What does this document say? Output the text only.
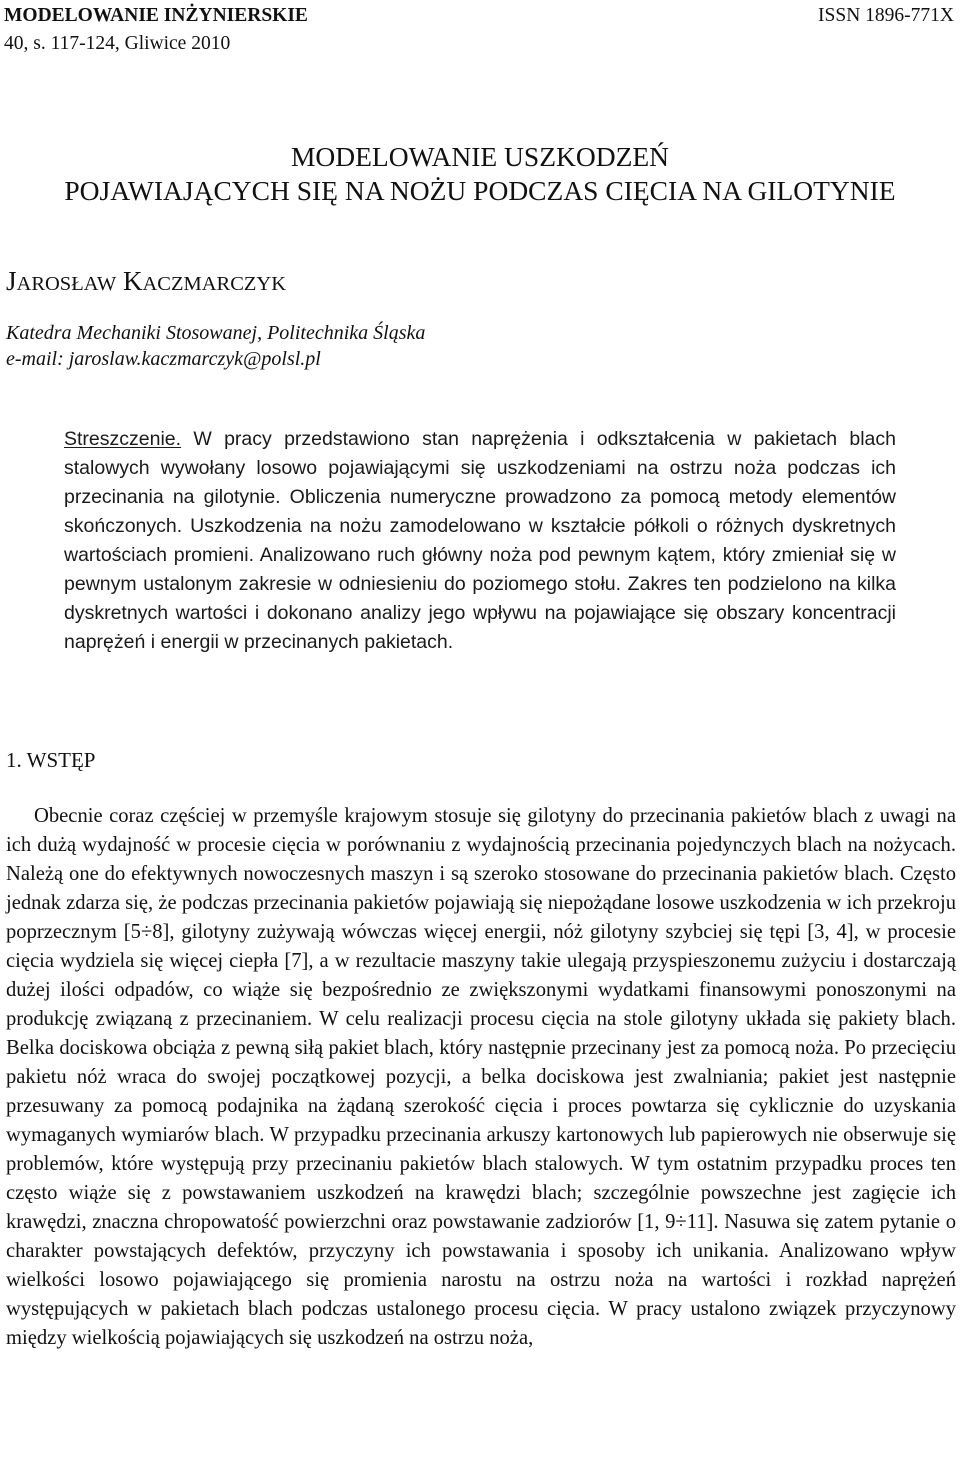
MODELOWANIE INŻYNIERSKIE
40, s. 117-124, Gliwice 2010
ISSN 1896-771X
MODELOWANIE USZKODZEŃ
POJAWIAJĄCYCH SIĘ NA NOŻU PODCZAS CIĘCIA NA GILOTYNIE
JAROSŁAW KACZMARCZYK
Katedra Mechaniki Stosowanej, Politechnika Śląska
e-mail: jaroslaw.kaczmarczyk@polsl.pl
Streszczenie. W pracy przedstawiono stan naprężenia i odkształcenia w pakietach blach stalowych wywołany losowo pojawiającymi się uszkodzeniami na ostrzu noża podczas ich przecinania na gilotynie. Obliczenia numeryczne prowadzono za pomocą metody elementów skończonych. Uszkodzenia na nożu zamodelowano w kształcie półkoli o różnych dyskretnych wartościach promieni. Analizowano ruch główny noża pod pewnym kątem, który zmieniał się w pewnym ustalonym zakresie w odniesieniu do poziomego stołu. Zakres ten podzielono na kilka dyskretnych wartości i dokonano analizy jego wpływu na pojawiające się obszary koncentracji naprężeń i energii w przecinanych pakietach.
1. WSTĘP
Obecnie coraz częściej w przemyśle krajowym stosuje się gilotyny do przecinania pakietów blach z uwagi na ich dużą wydajność w procesie cięcia w porównaniu z wydajnością przecinania pojedynczych blach na nożycach. Należą one do efektywnych nowoczesnych maszyn i są szeroko stosowane do przecinania pakietów blach. Często jednak zdarza się, że podczas przecinania pakietów pojawiają się niepożądane losowe uszkodzenia w ich przekroju poprzecznym [5÷8], gilotyny zużywają wówczas więcej energii, nóż gilotyny szybciej się tępi [3, 4], w procesie cięcia wydziela się więcej ciepła [7], a w rezultacie maszyny takie ulegają przyspieszonemu zużyciu i dostarczają dużej ilości odpadów, co wiąże się bezpośrednio ze zwiększonymi wydatkami finansowymi ponoszonymi na produkcję związaną z przecinaniem. W celu realizacji procesu cięcia na stole gilotyny układa się pakiety blach. Belka dociskowa obciąża z pewną siłą pakiet blach, który następnie przecinany jest za pomocą noża. Po przecięciu pakietu nóż wraca do swojej początkowej pozycji, a belka dociskowa jest zwalniania; pakiet jest następnie przesuwany za pomocą podajnika na żądaną szerokość cięcia i proces powtarza się cyklicznie do uzyskania wymaganych wymiarów blach. W przypadku przecinania arkuszy kartonowych lub papierowych nie obserwuje się problemów, które występują przy przecinaniu pakietów blach stalowych. W tym ostatnim przypadku proces ten często wiąże się z powstawaniem uszkodzeń na krawędzi blach; szczególnie powszechne jest zagięcie ich krawędzi, znaczna chropowatość powierzchni oraz powstawanie zadziorów [1, 9÷11]. Nasuwa się zatem pytanie o charakter powstających defektów, przyczyny ich powstawania i sposoby ich unikania. Analizowano wpływ wielkości losowo pojawiającego się promienia narostu na ostrzu noża na wartości i rozkład naprężeń występujących w pakietach blach podczas ustalonego procesu cięcia. W pracy ustalono związek przyczynowy między wielkością pojawiających się uszkodzeń na ostrzu noża,
